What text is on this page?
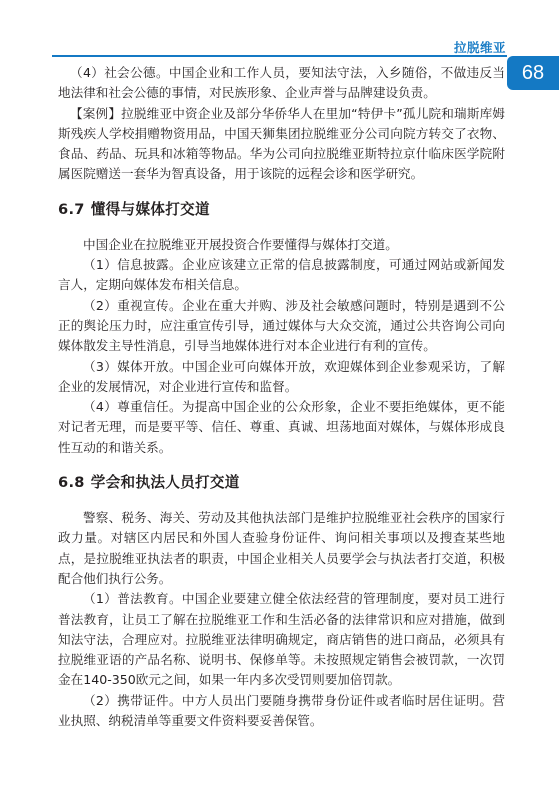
拉脱维亚
68

（4）社会公德。中国企业和工作人员，要知法守法，入乡随俗，不做违反当地法律和社会公德的事情，对民族形象、企业声誉与品牌建设负责。

【案例】拉脱维亚中资企业及部分华侨华人在里加“特伊卡”孤儿院和瑞斯库姆斯残疾人学校捐赠物资用品，中国天狮集团拉脱维亚分公司向院方转交了衣物、食品、药品、玩具和冰箱等物品。华为公司向拉脱维亚斯特拉京什临床医学院附属医院赠送一套华为智真设备，用于该院的远程会诊和医学研究。

6.7 懂得与媒体打交道

中国企业在拉脱维亚开展投资合作要懂得与媒体打交道。

（1）信息披露。企业应该建立正常的信息披露制度，可通过网站或新闻发言人，定期向媒体发布相关信息。

（2）重视宣传。企业在重大并购、涉及社会敏感问题时，特别是遇到不公正的舆论压力时，应注重宣传引导，通过媒体与大众交流，通过公共咨询公司向媒体散发主导性消息，引导当地媒体进行对本企业进行有利的宣传。

（3）媒体开放。中国企业可向媒体开放，欢迎媒体到企业参观采访，了解企业的发展情况，对企业进行宣传和监督。

（4）尊重信任。为提高中国企业的公众形象，企业不要拒绝媒体，更不能对记者无理，而是要平等、信任、尊重、真诚、坦荡地面对媒体，与媒体形成良性互动的和谐关系。

6.8 学会和执法人员打交道

警察、税务、海关、劳动及其他执法部门是维护拉脱维亚社会秩序的国家行政力量。对辖区内居民和外国人查验身份证件、询问相关事项以及搜查某些地点，是拉脱维亚执法者的职责，中国企业相关人员要学会与执法者打交道，积极配合他们执行公务。

（1）普法教育。中国企业要建立健全依法经营的管理制度，要对员工进行普法教育，让员工了解在拉脱维亚工作和生活必备的法律常识和应对措施，做到知法守法，合理应对。拉脱维亚法律明确规定，商店销售的进口商品，必须具有拉脱维亚语的产品名称、说明书、保修单等。未按照规定销售会被罚款，一次罚金在140-350欧元之间，如果一年内多次受罚则要加倍罚款。

（2）携带证件。中方人员出门要随身携带身份证件或者临时居住证明。营业执照、纳税清单等重要文件资料要妥善保管。
